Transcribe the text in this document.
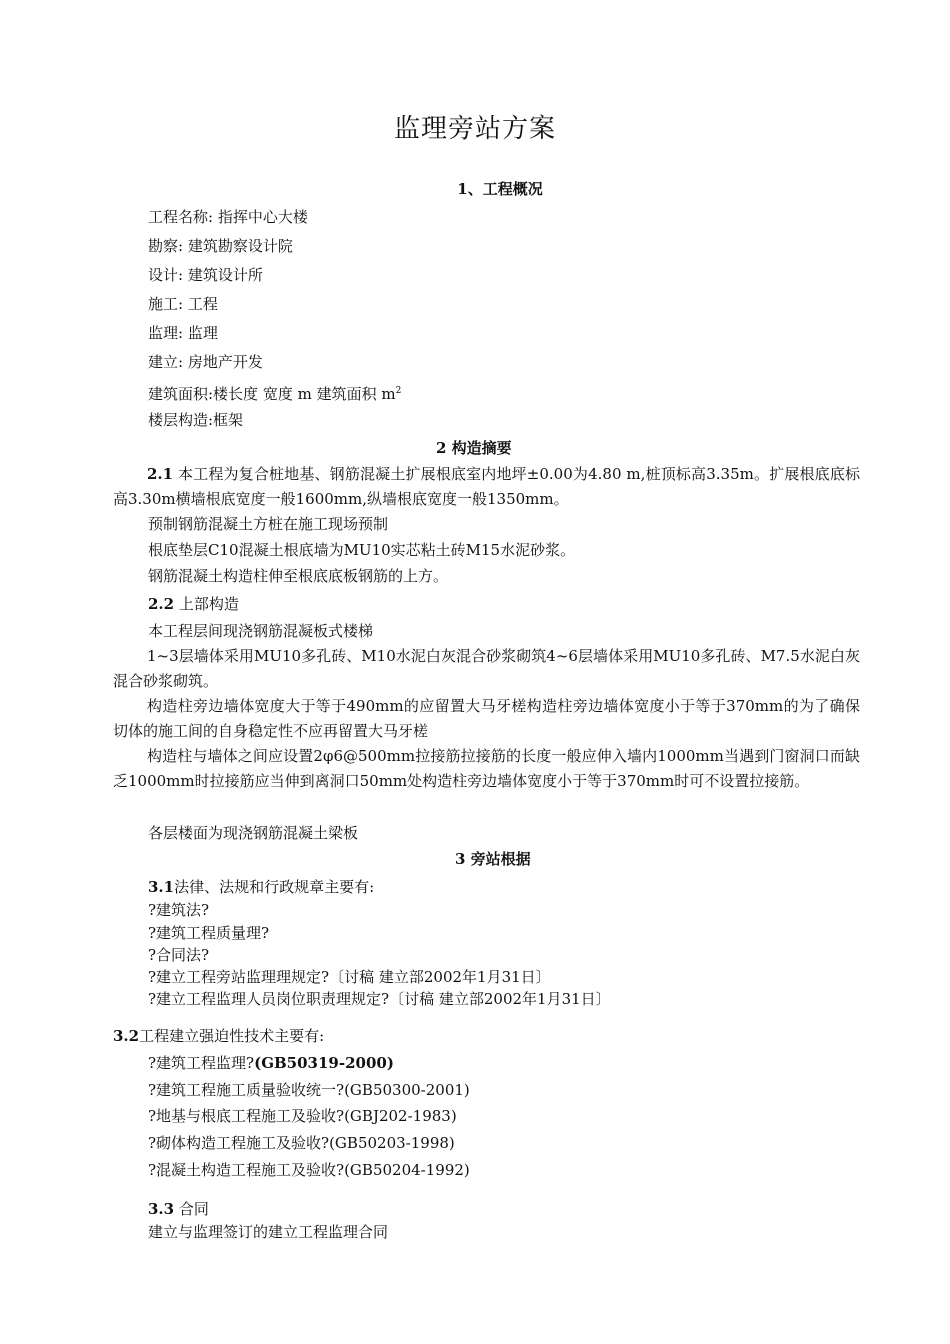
监理旁站方案
1、工程概况
工程名称: 指挥中心大楼
勘察: 建筑勘察设计院
设计: 建筑设计所
施工: 工程
监理: 监理
建立: 房地产开发
建筑面积:楼长度 宽度 m 建筑面积 $m^2$
楼层构造:框架
2 构造摘要
2.1 本工程为复合桩地基、钢筋混凝土扩展根底室内地坪±0.00为4.80 m,桩顶标高3.35m。扩展根底底标高3.30m横墙根底宽度一般1600mm,纵墙根底宽度一般1350mm。
预制钢筋混凝土方桩在施工现场预制
根底垫层C10混凝土根底墙为MU10实芯粘土砖M15水泥砂浆。
钢筋混凝土构造柱伸至根底底板钢筋的上方。
2.2 上部构造
本工程层间现浇钢筋混凝板式楼梯
1~3层墙体采用MU10多孔砖、M10水泥白灰混合砂浆砌筑4~6层墙体采用MU10多孔砖、M7.5水泥白灰混合砂浆砌筑。
构造柱旁边墙体宽度大于等于490mm的应留置大马牙槎构造柱旁边墙体宽度小于等于370mm的为了确保切体的施工间的自身稳定性不应再留置大马牙槎
构造柱与墙体之间应设置2φ6@500mm拉接筋拉接筋的长度一般应伸入墙内1000mm当遇到门窗洞口而缺乏1000mm时拉接筋应当伸到离洞口50mm处构造柱旁边墙体宽度小于等于370mm时可不设置拉接筋。
各层楼面为现浇钢筋混凝土梁板
3 旁站根据
3.1法律、法规和行政规章主要有:
?建筑法?
?建筑工程质量理?
?合同法?
?建立工程旁站监理理规定?〔讨稿 建立部2002年1月31日〕
?建立工程监理人员岗位职责理规定?〔讨稿 建立部2002年1月31日〕
3.2工程建立强迫性技术主要有:
?建筑工程监理?(GB50319-2000)
?建筑工程施工质量验收统一?(GB50300-2001)
?地基与根底工程施工及验收?(GBJ202-1983)
?砌体构造工程施工及验收?(GB50203-1998)
?混凝土构造工程施工及验收?(GB50204-1992)
3.3 合同
建立与监理签订的建立工程监理合同
